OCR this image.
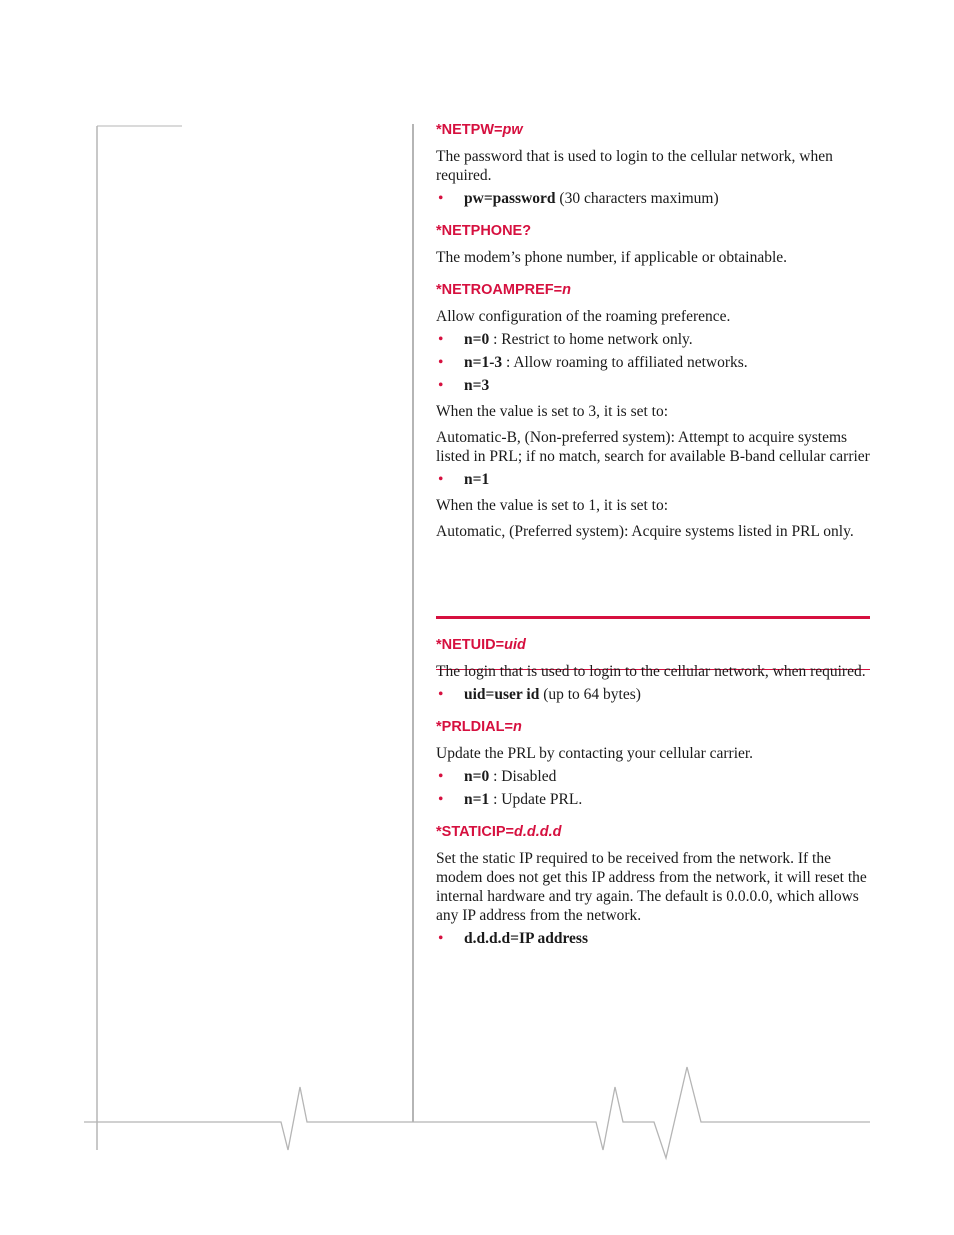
*NETPW=pw

The password that is used to login to the cellular network, when required.

• pw=password (30 characters maximum)

*NETPHONE?

The modem’s phone number, if applicable or obtainable.

*NETROAMPREF=n

Allow configuration of the roaming preference.

• n=0 : Restrict to home network only.
• n=1-3 : Allow roaming to affiliated networks.
• n=3

When the value is set to 3, it is set to:

Automatic-B, (Non-preferred system): Attempt to acquire systems listed in PRL; if no match, search for available B-band cellular carrier

• n=1

When the value is set to 1, it is set to:

Automatic, (Preferred system): Acquire systems listed in PRL only.

*NETUID=uid

The login that is used to login to the cellular network, when required.

• uid=user id (up to 64 bytes)

*PRLDIAL=n

Update the PRL by contacting your cellular carrier.

• n=0 : Disabled
• n=1 : Update PRL.

*STATICIP=d.d.d.d

Set the static IP required to be received from the network. If the modem does not get this IP address from the network, it will reset the internal hardware and try again. The default is 0.0.0.0, which allows any IP address from the network.

• d.d.d.d=IP address
